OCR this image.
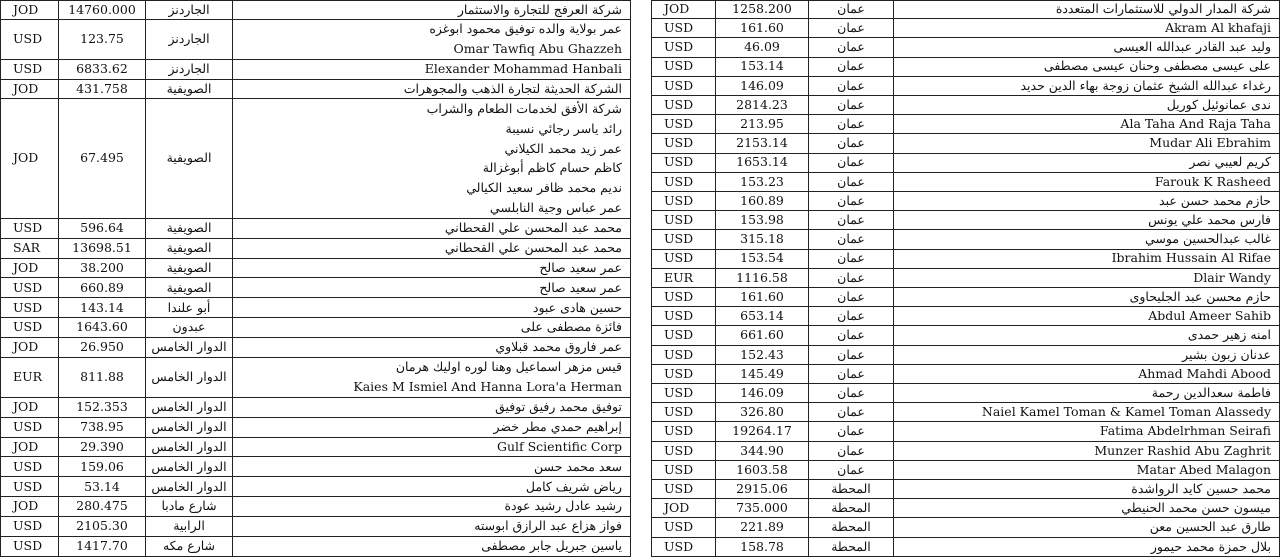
JOD	14760.000	الجاردنز	شركة العرفج للتجارة والاستثمار
USD	123.75	الجاردنز
عمر بولاية والده توفيق محمود ابوغزه
Omar Tawfiq Abu Ghazzeh
USD	6833.62	الجاردنز	Elexander Mohammad Hanbali
JOD	431.758	الصويفية	الشركة الحديثة لتجارة الذهب والمجوهرات
JOD	67.495	الصويفية
شركة الأفق لخدمات الطعام والشراب
رائد ياسر رجائي نسيبة
عمر زيد محمد الكيلاني
كاظم حسام كاظم أبوغزالة
نديم محمد ظافر سعيد الكيالي
عمر عباس وجية النابلسي
USD	596.64	الصويفية	محمد عبد المحسن علي القحطاني
SAR	13698.51	الصويفية	محمد عبد المحسن علي القحطاني
JOD	38.200	الصويفية	عمر سعيد صالح
USD	660.89	الصويفية	عمر سعيد صالح
USD	143.14	أبو علندا	حسين هادى عبود
USD	1643.60	عبدون	فائزة مصطفى على
JOD	26.950	الدوار الخامس	عمر فاروق محمد قبلاوي
EUR	811.88	الدوار الخامس
قيس مزهر اسماعيل وهنا لوره اوليك هرمان
Kaies M Ismiel And Hanna Lora'a Herman
JOD	152.353	الدوار الخامس	توفيق محمد رفيق توفيق
USD	738.95	الدوار الخامس	إبراهيم حمدي مطر خضر
JOD	29.390	الدوار الخامس	Gulf Scientific Corp
USD	159.06	الدوار الخامس	سعد محمد حسن
USD	53.14	الدوار الخامس	رياض شريف كامل
JOD	280.475	شارع مادبا	رشيد عادل رشيد عودة
USD	2105.30	الرابية	فواز هزاع عبد الرازق ابوسته
USD	1417.70	شارع مكه	ياسين جبريل جابر مصطفى
JOD	1258.200	عمان	شركة المدار الدولي للاستثمارات المتعددة
USD	161.60	عمان	Akram Al khafaji
USD	46.09	عمان	وليد عبد القادر عبدالله العيسى
USD	153.14	عمان	على عيسى مصطفى وحنان عيسى مصطفى
USD	146.09	عمان	رغداء عبدالله الشيخ عثمان زوجة بهاء الدين حديد
USD	2814.23	عمان	ندى عمانوئيل كوريل
USD	213.95	عمان	Ala Taha And Raja Taha
USD	2153.14	عمان	Mudar Ali Ebrahim
USD	1653.14	عمان	كريم لعيبي نصر
USD	153.23	عمان	Farouk K Rasheed
USD	160.89	عمان	حازم محمد حسن عبد
USD	153.98	عمان	فارس محمد علي يونس
USD	315.18	عمان	غالب عبدالحسين موسي
USD	153.54	عمان	Ibrahim Hussain Al Rifae
EUR	1116.58	عمان	Dlair Wandy
USD	161.60	عمان	حازم محسن عبد الجليحاوى
USD	653.14	عمان	Abdul Ameer Sahib
USD	661.60	عمان	امنه زهير حمدى
USD	152.43	عمان	عدنان زبون بشير
USD	145.49	عمان	Ahmad Mahdi Abood
USD	146.09	عمان	فاطمة سعدالدين رحمة
USD	326.80	عمان	Naiel Kamel Toman & Kamel Toman Alassedy
USD	19264.17	عمان	Fatima Abdelrhman Seirafi
USD	344.90	عمان	Munzer Rashid Abu Zaghrit
USD	1603.58	عمان	Matar Abed Malagon
USD	2915.06	المحطة	محمد حسين كايد الرواشدة
JOD	735.000	المحطة	ميسون حسن محمد الحنيطي
USD	221.89	المحطة	طارق عبد الحسين معن
USD	158.78	المحطة	بلال حمزة محمد حيمور
